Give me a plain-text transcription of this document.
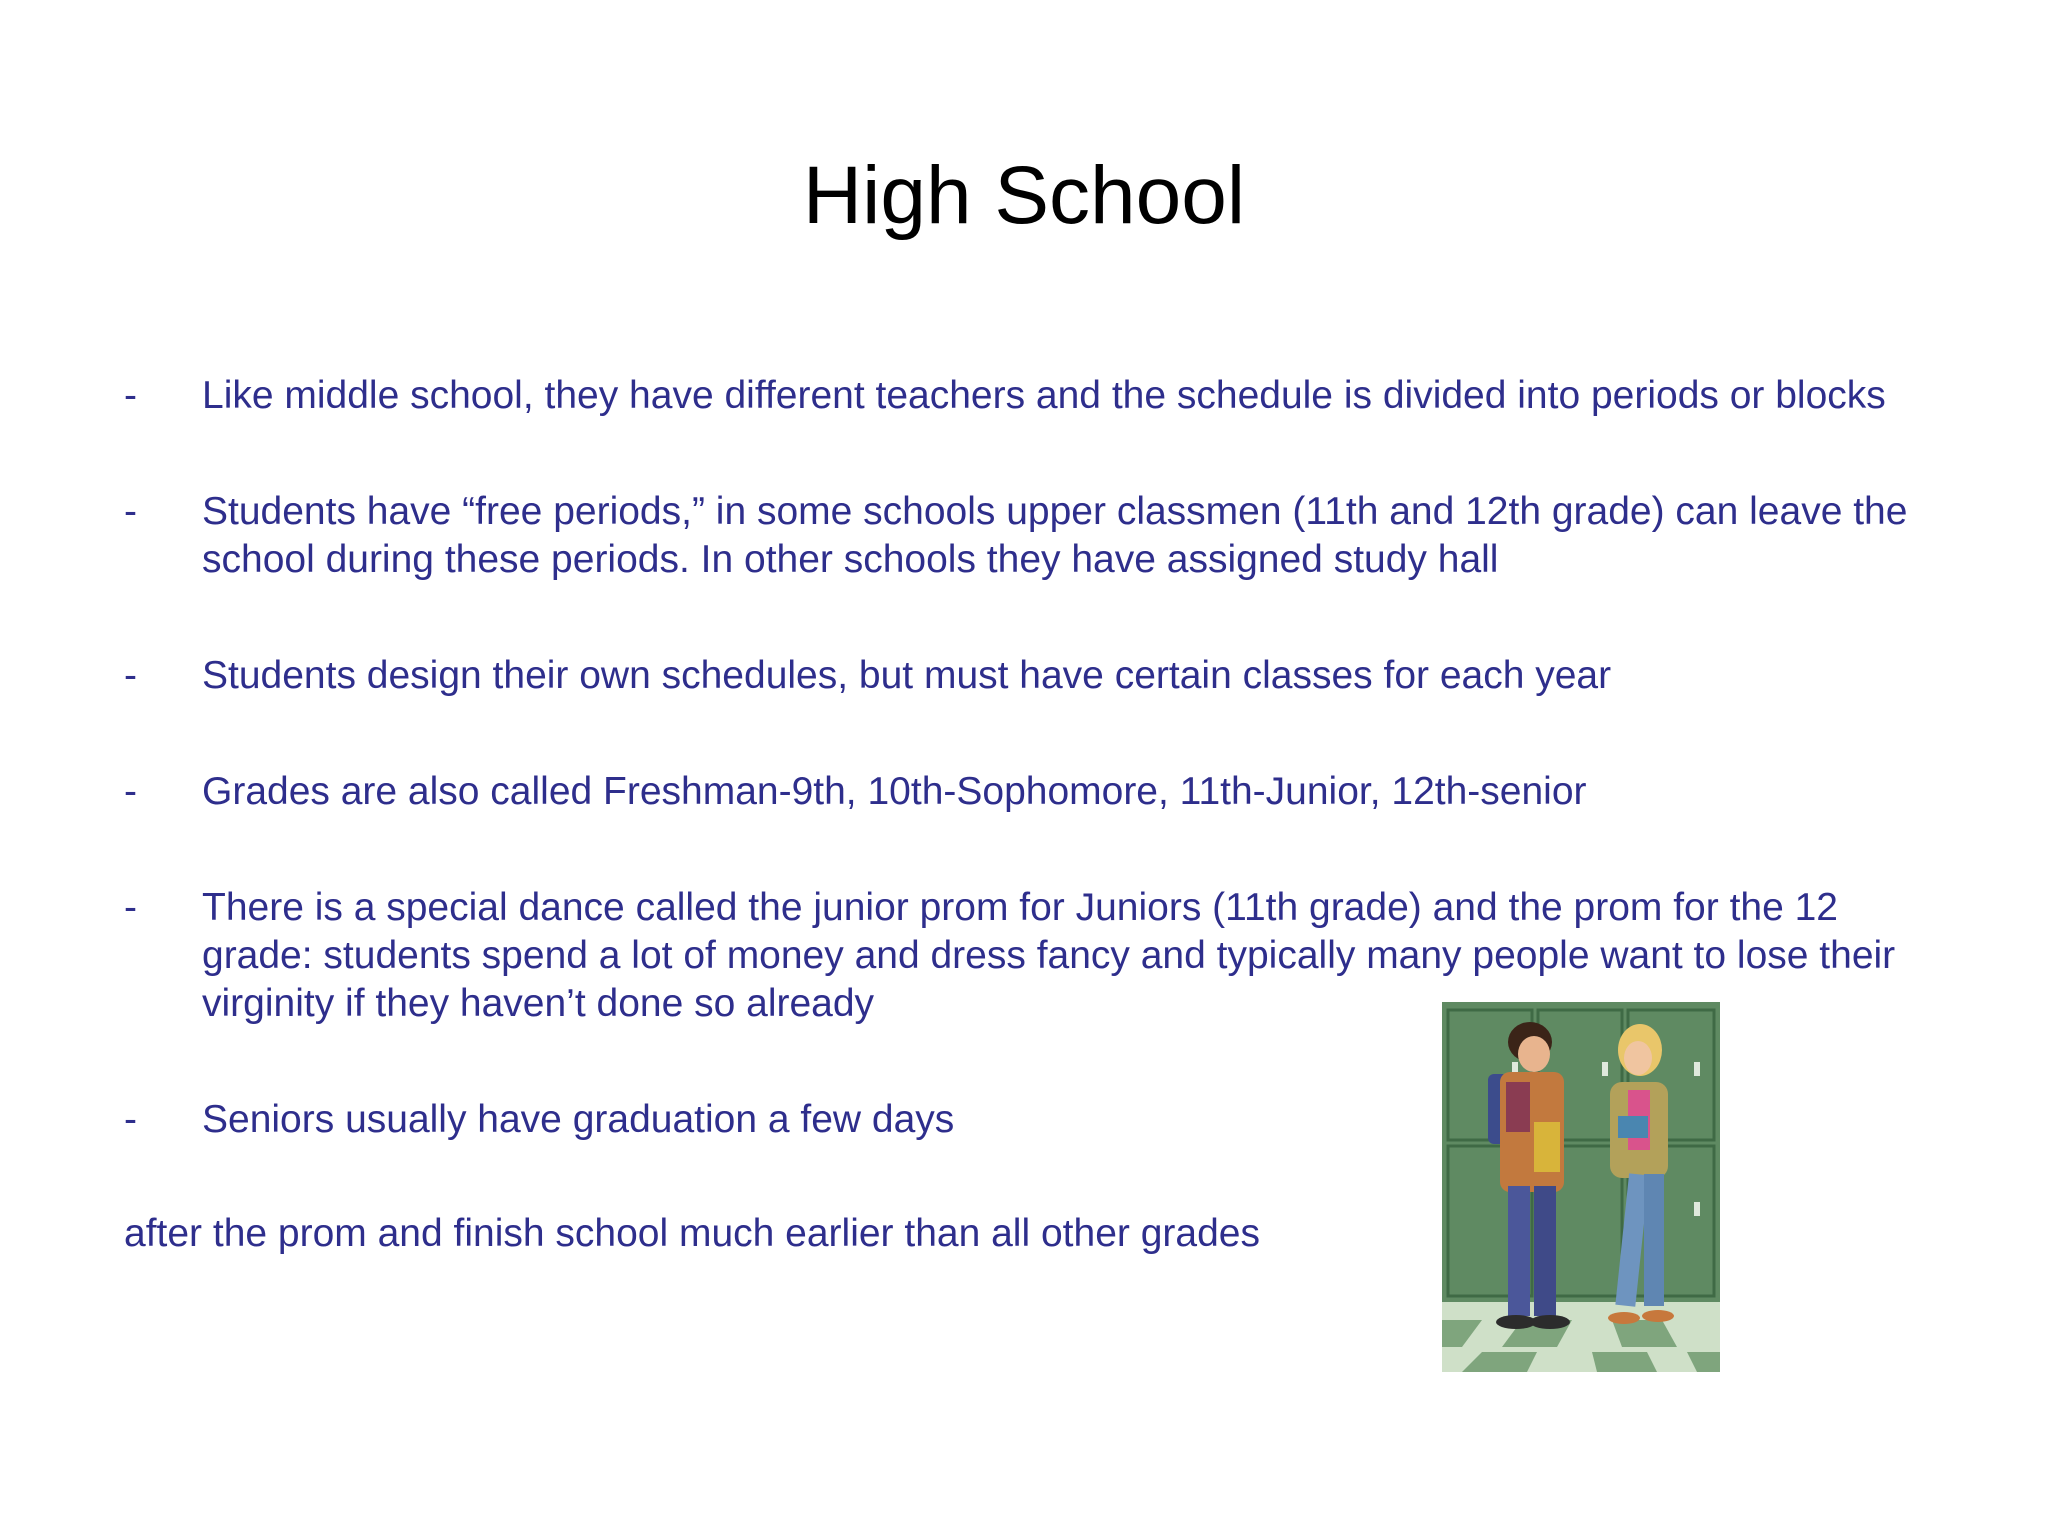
High School
-	Like middle school, they have different teachers and the schedule is divided into periods or blocks
-	Students have “free periods,” in some schools upper classmen (11th and 12th grade) can leave the school during these periods. In other schools they have assigned study hall
-	Students design their own schedules, but must have certain classes for each year
-	Grades are also called Freshman-9th, 10th-Sophomore, 11th-Junior, 12th-senior
-	There is a special dance called the junior prom for Juniors (11th grade) and the prom for the 12 grade: students spend a lot of money and dress fancy and typically many people want to lose their virginity if they haven’t done so already
-	Seniors usually have graduation a few days

after the prom and finish school much earlier than all other grades
